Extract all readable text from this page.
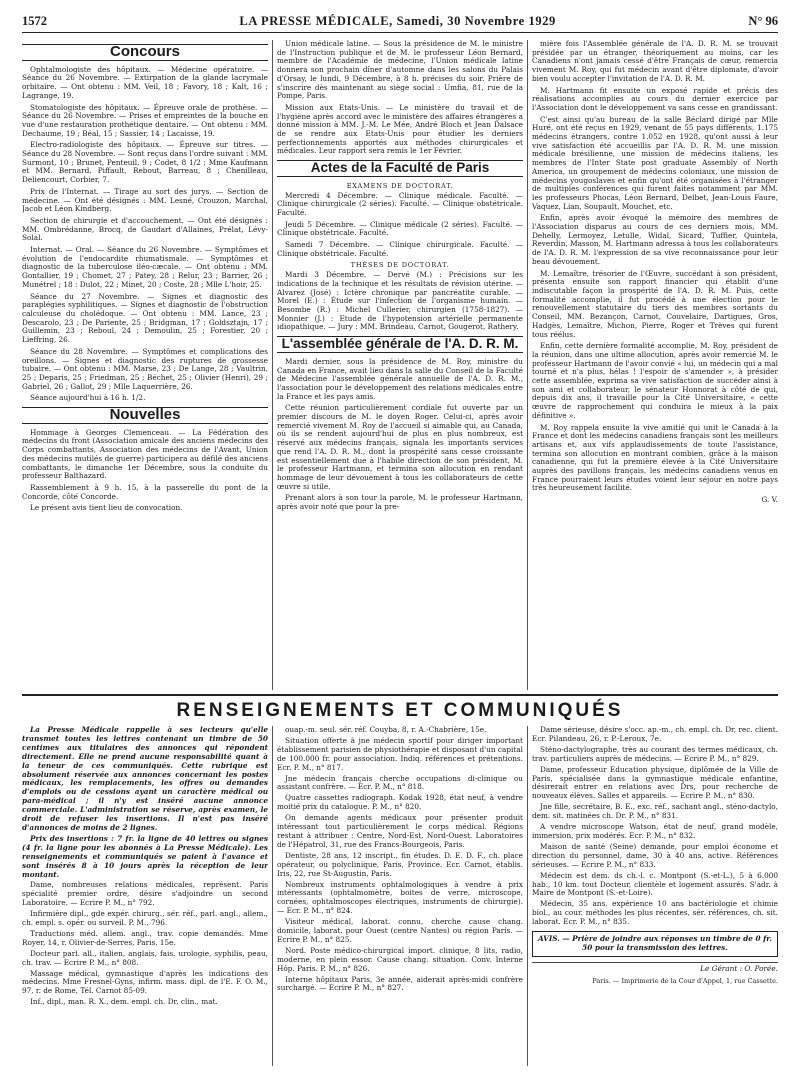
1572	LA PRESSE MÉDICALE, Samedi, 30 Novembre 1929	N° 96
Concours

Ophtalmologiste des hôpitaux. — Médecine opératoire. — Séance du 26 Novembre. — Extirpation de la glande lacrymale orbitaire. — Ont obtenu : MM. Veil, 18 ; Favory, 18 ; Kalt, 16 ; Lagrange, 19.

Stomatologiste des hôpitaux. — Épreuve orale de prothèse. — Séance du 26 Novembre. — Prises et empreintes de la bouche en vue d'une restauration prothétique dentaire. — Ont obtenu : MM. Dechaume, 19 ; Béal, 15 ; Sassier, 14 ; Lacaisse, 19.

Electro-radiologiste des hôpitaux. — Épreuve sur titres. — Séance du 28 Novembre. — Sont reçus dans l'ordre suivant : MM. Surmont, 10 ; Brunet, Penteuil, 9 ; Codet, 8 1/2 ; Mme Kaufmann et MM. Bernard, Piffault, Rebout, Barreau, 8 ; Chenilleau, Deliencourt, Corbier, 7.

Prix de l'Internat. — Tirage au sort des jurys. — Section de médecine. — Ont été désignés : MM. Lesné, Crouzon, Marchal, Jacob et Léon Kindberg.

Section de chirurgie et d'accouchement. — Ont été désignés : MM. Ombrédanne, Brocq, de Gaudart d'Allaines, Prélat, Lévy-Solal.

Internat. — Oral. — Séance du 26 Novembre. — Symptômes et évolution de l'endocardite rhumatismale. — Symptômes et diagnostic de la tuberculose iléo-cæcale. — Ont obtenu : MM. Gontallier, 19 ; Chomet, 27 ; Patey, 28 ; Relur, 23 ; Barrier, 26 ; Munétrel ; 18 : Dulot, 22 ; Minet, 20 ; Coste, 28 ; Mlle L'hoir, 25.

Séance du 27 Novembre. — Signes et diagnostic des paraplégies syphilitiques. — Signes et diagnostic de l'obstruction calculeuse du cholédoque. — Ont obtenu : MM. Lance, 23 ; Descarolo, 23 ; De Pariente, 25 ; Bridgman, 17 ; Goldsztajn, 17 ; Guillemin, 23 ; Reboul, 24 ; Demoulin, 25 ; Forestier, 20 ; Lieffring, 26.

Séance du 28 Novembre. — Symptômes et complications des oreillons. — Signes et diagnostic des ruptures de grossesse tubaire. — Ont obtenu : MM. Marse, 23 ; De Lange, 28 ; Vaultrin, 25 ; Deparis, 25 ; Friedman, 25 ; Béchet, 25 ; Olivier (Henri), 29 ; Gabriel, 26 ; Gallot, 29 ; Mlle Laquerrière, 26.

Séance aujourd'hui à 16 h. 1/2.

Nouvelles

Hommage à Georges Clemenceau. — La Fédération des médecins du front (Association amicale des anciens médecins des Corps combattants, Association des médecins de l'Avant, Union des médecins mutilés de guerre) participera au défilé des anciens combattants, le dimanche 1er Décembre, sous la conduite du professeur Balthazard.

Rassemblement à 9 h. 15, à la passerelle du pont de la Concorde, côté Concorde.

Le présent avis tient lieu de convocation.

Union médicale latine. — Sous la présidence de M. le ministre de l'Instruction publique et de M. le professeur Léon Bernard, membre de l'Académie de médecine, l'Union médicale latine donnera son prochain dîner d'automne dans les salons du Palais d'Orsay, le lundi, 9 Décembre, à 8 h. précises du soir. Prière de s'inscrire dès maintenant au siège social : Umfia, 81, rue de la Pompe, Paris.

Mission aux Etats-Unis. — Le ministère du travail et de l'hygiène après accord avec le ministère des affaires étrangères a donné mission à MM. J.-M. Le Mée, André Bloch et Jean Dalsace de se rendre aux Etats-Unis pour étudier les derniers perfectionnements apportés aux méthodes chirurgicales et médicales. Leur rapport sera remis le 1er Février.

Actes de la Faculté de Paris
EXAMENS DE DOCTORAT.

Mercredi 4 Décembre. — Clinique médicale. Faculté. — Clinique chirurgicale (2 séries). Faculté. — Clinique obstétricale. Faculté.

Jeudi 5 Décembre. — Clinique médicale (2 séries). Faculté. — Clinique obstétricale. Faculté.

Samedi 7 Décembre. — Clinique chirurgicale. Faculté. — Clinique obstétricale. Faculté.

THÈSES DE DOCTORAT.

Mardi 3 Décembre. — Dervé (M.) : Précisions sur les indications de la technique et les résultats de révision utérine. — Alvarez (José) : Ictère chronique par pancréatite curable. — Morel (E.) : Étude sur l'infection de l'organisme humain. — Besombe (R.) : Michel Cullerier, chirurgien (1758-1827). — Monnier (J.) : Etude de l'hypotension artérielle permanente idiopathique. — Jury : MM. Brindeau, Carnot, Gougerot, Rathery.

L'assemblée générale de l'A. D. R. M.

Mardi dernier, sous la présidence de M. Roy, ministre du Canada en France, avait lieu dans la salle du Conseil de la Faculté de Médecine l'assemblée générale annuelle de l'A. D. R. M., l'association pour le développement des relations médicales entre la France et les pays amis.

Cette réunion particulièrement cordiale fut ouverte par un premier discours de M. le doyen Roger. Celui-ci, après avoir remercié vivement M. Roy de l'accueil si aimable qui, au Canada, où ils se rendent aujourd'hui de plus en plus nombreux, est réservé aux médecins français, signala les importants services que rend l'A. D. R. M., dont la prospérité sans cesse croissante est essentiellement due à l'habile direction de son président, M. le professeur Hartmann, et termina son allocution en rendant hommage de leur dévouement à tous les collaborateurs de cette œuvre si utile.

Prenant alors à son tour la parole, M. le professeur Hartmann, après avoir noté que pour la pre-

mière fois l'Assemblée générale de l'A. D. R. M. se trouvait présidée par un étranger, théoriquement au moins, car les Canadiens n'ont jamais cessé d'être Français de cœur, remercia vivement M. Roy, qui fut médecin avant d'être diplomate, d'avoir bien voulu accepter l'invitation de l'A. D. R. M.

M. Hartmann fit ensuite un exposé rapide et précis des réalisations accomplies au cours du dernier exercice par l'Association dont le développement va sans cesse en grandissant.

C'est ainsi qu'au bureau de la salle Béclard dirigé par Mlle Huré, ont été reçus en 1929, venant de 55 pays différents, 1.175 médecins étrangers, contre 1.052 en 1928, qu'ont aussi à leur vive satisfaction été accueillis par l'A. D. R. M. une mission médicale brésilienne, une mission de médecins italiens, les membres de l'Inter State post graduate Assembly of North America, un groupement de médecins coloniaux, une mission de médecins yougoslaves et enfin qu'ont été organisées à l'étranger de multiples conférences qui furent faites notamment par MM. les professeurs Phocas, Léon Bernard, Delbet, Jean-Louis Faure, Vaquez, Lian, Soupault, Mouchet, etc.

Enfin, après avoir évoqué la mémoire des membres de l'Association disparus au cours de ces derniers mois, MM. Dehelly, Lermoyez, Letulle, Widal, Sicard, Tuffier, Quinteła, Reverdin, Masson, M. Hartmann adressa à tous les collaborateurs de l'A. D. R. M. l'expression de sa vive reconnaissance pour leur beau dévouement.

M. Lemaître, trésorier de l'Œuvre, succédant à son président, présenta ensuite son rapport financier qui établit d'une indiscutable façon la prospérité de l'A. D. R. M. Puis, cette formalité accomplie, il fut procédé à une élection pour le renouvellement statutaire du tiers des membres sortants du Conseil, MM. Bezançon, Carnot, Couvelaire, Dartigues, Gros, Hadgès, Lemaître, Michon, Pierre, Roger et Trèves qui furent tous réélus.

Enfin, cette dernière formalité accomplie, M. Roy, président de la réunion, dans une ultime allocution, après avoir remercié M. le professeur Hartmann de l'avoir convié « lui, un médecin qui a mal tourné et n'a plus, hélas ! l'espoir de s'amender », à présider cette assemblée, exprima sa vive satisfaction de succéder ainsi à son ami et collaborateur, le sénateur Honnorat à côté de qui, depuis dix ans, il travaille pour la Cité Universitaire, « cette œuvre de rapprochement qui conduira le mieux à la paix définitive ».

M. Roy rappela ensuite la vive amitié qui unit le Canada à la France et dont les médecins canadiens français sont les meilleurs artisans et, aux vifs applaudissements de toute l'assistance, termina son allocution en montrant combien, grâce à la maison canadienne, qui fut la première élevée à la Cité Universitaire auprès des pavillons français, les médecins canadiens venus en France pourraient leurs études voient leur séjour en notre pays très heureusement facilité.

G. V.
RENSEIGNEMENTS ET COMMUNIQUÉS

La Presse Médicale rappelle à ses lecteurs qu'elle transmet toutes les lettres contenant un timbre de 50 centimes aux titulaires des annonces qui répondent directement. Elle ne prend aucune responsabilité quant à la teneur de ces communiqués. Cette rubrique est absolument réservée aux annonces concernant les postes médicaux, les remplacements, les offres ou demandes d'emplois ou de cessions ayant un caractère médical ou para-médical ; il n'y est inséré aucune annonce commerciale. L'administration se réserve, après examen, le droit de refuser les insertions. Il n'est pas inséré d'annonces de moins de 2 lignes.

Prix des insertions : 7 fr. la ligne de 40 lettres ou signes (4 fr. la ligne pour les abonnés à La Presse Médicale). Les renseignements et communiqués se paient à l'avance et sont insérés 8 à 10 jours après la réception de leur montant.

Dame, nombreuses relations médicales, représent. Paris spécialité premier ordre, désire s'adjoindre un second Laboratoire. — Ecrire P. M., n° 792.

Infirmière dipl., gde expér. chirurg., sér. réf., parl. angl., allem., ch. empl. s. opér. ou surveil. P. M., 796.

Traductions méd. allem. angl., trav. copie demandés. Mme Royer, 14, r. Olivier-de-Serres, Paris, 15e.

Docteur parl. all., italien, anglais, fais. urologie, syphilis, peau, ch. trav. — Ecrire P. M., n° 808.

Massage médical, gymnastique d'après les indications des médecins. Mme Fresnel-Gyns, infirm. mass. dipl. de l'E. F. O. M., 97, r. de Rome, Tél. Carnot 85-09.

Inf., dipl., man. R. X., dem. empl. ch. Dr, clin., mat.

ouap.-m. seul. sér. réf. Couyba, 8, r. A.-Chabrière, 15e.

Situation offerte à jne médecin sportif pour diriger important établissement parisien de physiothérapie et disposant d'un capital de 100.000 fr. pour association. Indiq. références et prétentions. Ecr. P. M., n° 817.

Jne médecin français cherche occupations di-clinique ou assistant confrère. — Ecr. P. M., n° 818.

Quatre cassettes radiograph. Kodak 1928, état neuf, à vendre moitié prix du catalogue. P. M., n° 820.

On demande agents médicaux pour présenter produit intéressant tout particulièrement le corps médical. Régions restant à attribuer : Centre, Nord-Est, Nord-Ouest. Laboratoires de l'Hépatrol, 31, rue des Francs-Bourgeois, Paris.

Dentiste, 28 ans, 12 inscript., fin études. D. E. D. F., ch. place opérateur, ou polyclinique, Paris, Province. Ecr. Carnot, établis. Iris, 22, rue St-Augustin, Paris.

Nombreux instruments ophtalmologiques à vendre à prix intéressants (ophtalmomètre, boites de verre, microscope, cornées, ophtalmoscopes électriques, instruments de chirurgie). — Ecr. P. M., n° 824.

Visiteur médical, laborat. connu, cherche cause chang. domicile, laborat. pour Ouest (centre Nantes) ou région Paris. — Ecrire P. M., n° 825.

Nord. Poste médico-chirurgical import. clinique, 8 lits, radio, moderne, en plein essor. Cause chang. situation. Conv. Interne Hôp. Paris. P. M., n° 826.

Interne hôpitaux Paris, 3e année, aiderait après-midi confrère surchargé. — Ecrire P. M., n° 827.

Dame sérieuse, désire s'occ. ap.-m., ch. empl. ch. Dr, rec. client. Ecr. Pilandeau, 26, r. P.-Leroux, 7e.

Sténo-dactylographe, très au courant des termes médicaux, ch. trav. particuliers auprès de médecins. — Ecrire P. M., n° 829.

Dame, professeur Education physique, diplômée de la Ville de Paris, spécialisée dans la gymnastique médicale enfantine, désirerait entrer en relations avec Drs, pour recherche de nouveaux élèves. Salles et appareils. — Ecrire P. M., n° 830.

Jne fille, secrétaire, B. E., exc. réf., sachant angl., sténo-dactylo, dem. sit. matinées ch. Dr. P. M., n° 831.

A vendre microscope Watson, état de neuf, grand modèle, immersion, prix modérés. Ecr. P. M., n° 832.

Maison de santé (Seine) demande, pour emploi économe et direction du personnel, dame, 30 à 40 ans, active. Références sérieuses. — Ecrire P. M., n° 833.

Médecin est dem. ds ch.-l. c. Montpont (S.-et-L.), 5 à 6.000 hab., 10 km. tout Docteur, clientèle et logement assurés. S'adr. à Maire de Montpont (S.-et-Loire).

Médecin, 35 ans, expérience 10 ans bactériologie et chimie biol., au cour. méthodes les plus récentes, sér. références, ch. sit. laborat. Ecr. P. M., n° 835.

AVIS. — Prière de joindre aux réponses un timbre de 0 fr. 50 pour la transmission des lettres.
Le Gérant : O. Porée.
Paris. — Imprimerie de la Cour d'Appel, 1, rue Cassette.
